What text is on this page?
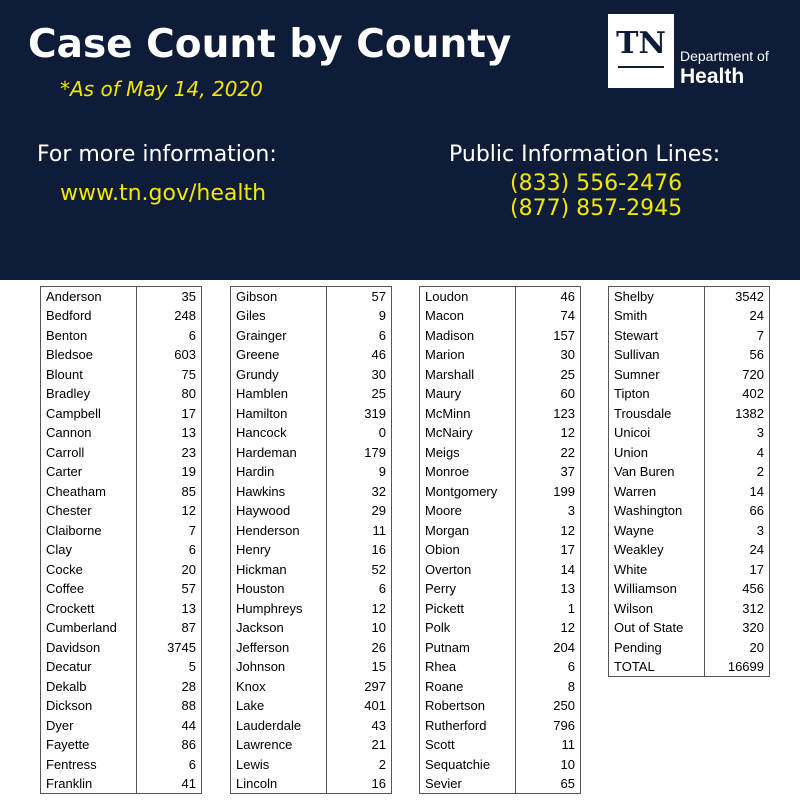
Case Count by County
*As of May 14, 2020
TN	Department of
Health
For more information:
www.tn.gov/health
Public Information Lines:
(833) 556-2476
(877) 857-2945
Anderson	35
Bedford	248
Benton	6
Bledsoe	603
Blount	75
Bradley	80
Campbell	17
Cannon	13
Carroll	23
Carter	19
Cheatham	85
Chester	12
Claiborne	7
Clay	6
Cocke	20
Coffee	57
Crockett	13
Cumberland	87
Davidson	3745
Decatur	5
Dekalb	28
Dickson	88
Dyer	44
Fayette	86
Fentress	6
Franklin	41
Gibson	57
Giles	9
Grainger	6
Greene	46
Grundy	30
Hamblen	25
Hamilton	319
Hancock	0
Hardeman	179
Hardin	9
Hawkins	32
Haywood	29
Henderson	11
Henry	16
Hickman	52
Houston	6
Humphreys	12
Jackson	10
Jefferson	26
Johnson	15
Knox	297
Lake	401
Lauderdale	43
Lawrence	21
Lewis	2
Lincoln	16
Loudon	46
Macon	74
Madison	157
Marion	30
Marshall	25
Maury	60
McMinn	123
McNairy	12
Meigs	22
Monroe	37
Montgomery	199
Moore	3
Morgan	12
Obion	17
Overton	14
Perry	13
Pickett	1
Polk	12
Putnam	204
Rhea	6
Roane	8
Robertson	250
Rutherford	796
Scott	11
Sequatchie	10
Sevier	65
Shelby	3542
Smith	24
Stewart	7
Sullivan	56
Sumner	720
Tipton	402
Trousdale	1382
Unicoi	3
Union	4
Van Buren	2
Warren	14
Washington	66
Wayne	3
Weakley	24
White	17
Williamson	456
Wilson	312
Out of State	320
Pending	20
TOTAL	16699
